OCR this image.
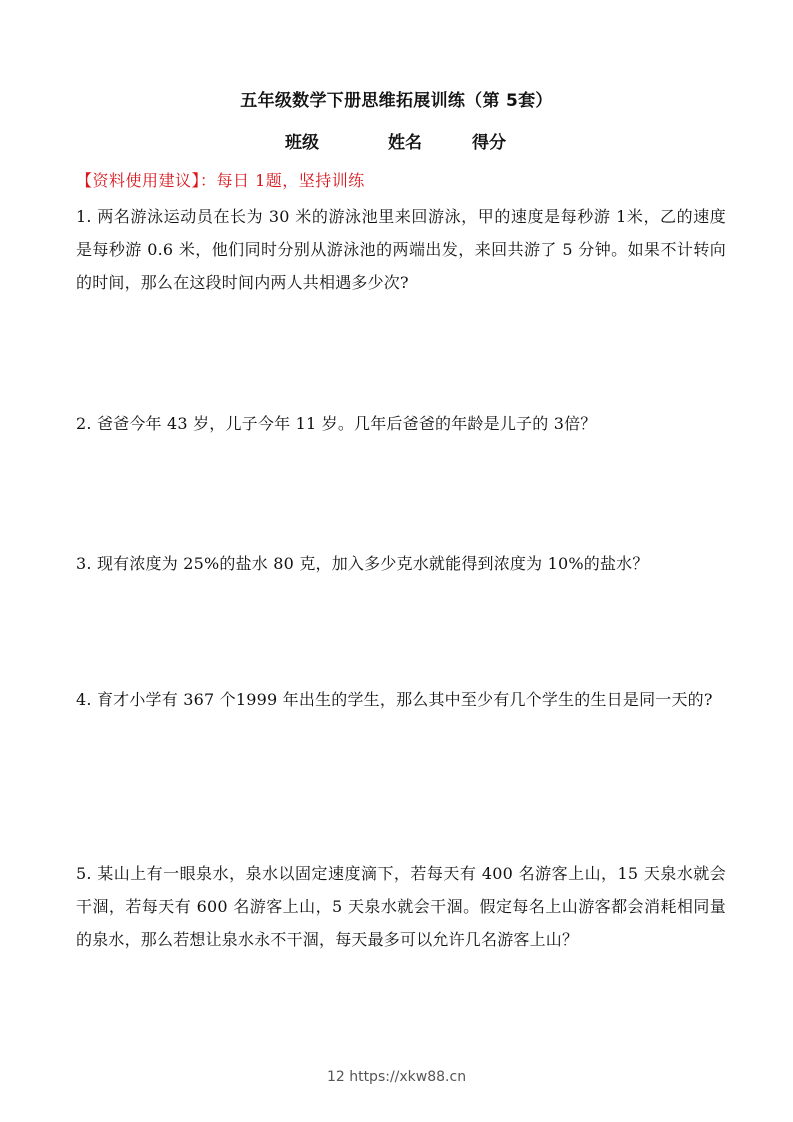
五年级数学下册思维拓展训练（第 5套）
班级	姓名	得分
【资料使用建议】：每日 1题，坚持训练
1. 两名游泳运动员在长为 30 米的游泳池里来回游泳，甲的速度是每秒游 1米，乙的速度是每秒游 0.6 米，他们同时分别从游泳池的两端出发，来回共游了 5 分钟。如果不计转向的时间，那么在这段时间内两人共相遇多少次?
2. 爸爸今年 43 岁，儿子今年 11 岁。几年后爸爸的年龄是儿子的 3倍？
3. 现有浓度为 25%的盐水 80 克，加入多少克水就能得到浓度为 10%的盐水？
4. 育才小学有 367 个1999 年出生的学生，那么其中至少有几个学生的生日是同一天的?
5. 某山上有一眼泉水，泉水以固定速度滴下，若每天有 400 名游客上山，15 天泉水就会干涸，若每天有 600 名游客上山，5 天泉水就会干涸。假定每名上山游客都会消耗相同量的泉水，那么若想让泉水永不干涸，每天最多可以允许几名游客上山？
12 https://xkw88.cn
